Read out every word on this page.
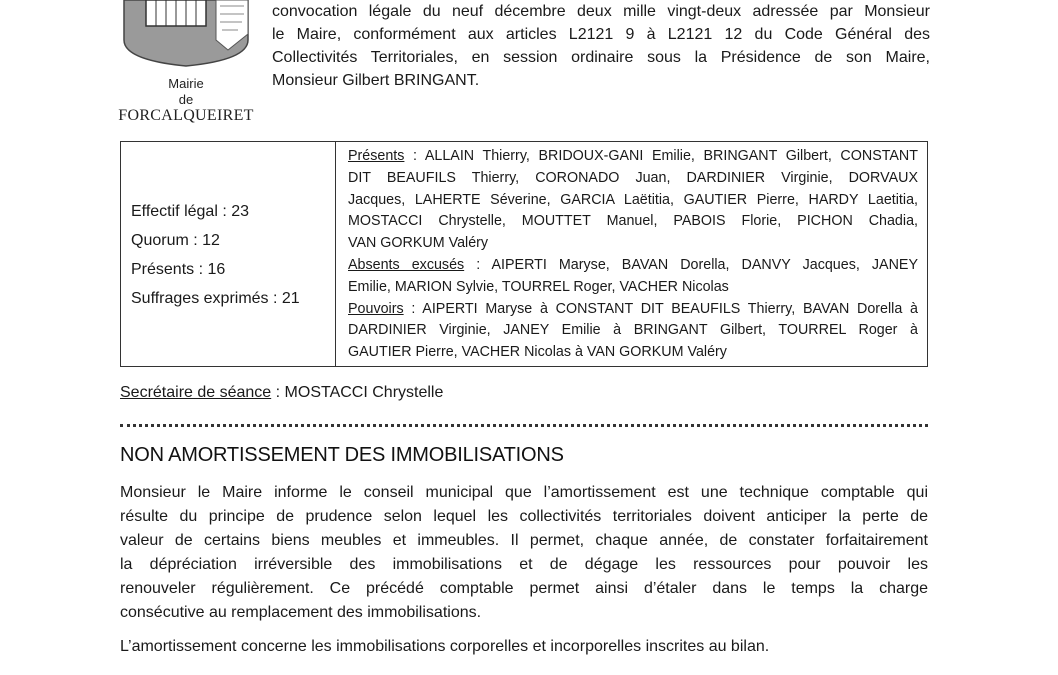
Mairie
de
FORCALQUEIRET

convocation légale du neuf décembre deux mille vingt-deux adressée par Monsieur
le Maire, conformément aux articles L2121 9 à L2121 12 du Code Général des
Collectivités Territoriales, en session ordinaire sous la Présidence de son Maire,
Monsieur Gilbert BRINGANT.

Effectif légal : 23
Quorum : 12
Présents : 16
Suffrages exprimés : 21
Présents : ALLAIN Thierry, BRIDOUX-GANI Emilie, BRINGANT Gilbert, CONSTANT
DIT BEAUFILS Thierry, CORONADO Juan, DARDINIER Virginie, DORVAUX
Jacques, LAHERTE Séverine, GARCIA Laëtitia, GAUTIER Pierre, HARDY Laetitia,
MOSTACCI Chrystelle, MOUTTET Manuel, PABOIS Florie, PICHON Chadia,
VAN GORKUM Valéry
Absents excusés : AIPERTI Maryse, BAVAN Dorella, DANVY Jacques, JANEY
Emilie, MARION Sylvie, TOURREL Roger, VACHER Nicolas
Pouvoirs : AIPERTI Maryse à CONSTANT DIT BEAUFILS Thierry, BAVAN Dorella à
DARDINIER Virginie, JANEY Emilie à BRINGANT Gilbert, TOURREL Roger à
GAUTIER Pierre, VACHER Nicolas à VAN GORKUM Valéry
Secrétaire de séance : MOSTACCI Chrystelle
NON AMORTISSEMENT DES IMMOBILISATIONS
Monsieur le Maire informe le conseil municipal que l’amortissement est une technique comptable qui
résulte du principe de prudence selon lequel les collectivités territoriales doivent anticiper la perte de
valeur de certains biens meubles et immeubles. Il permet, chaque année, de constater forfaitairement
la dépréciation irréversible des immobilisations et de dégage les ressources pour pouvoir les
renouveler régulièrement. Ce précédé comptable permet ainsi d’étaler dans le temps la charge
consécutive au remplacement des immobilisations.
L’amortissement concerne les immobilisations corporelles et incorporelles inscrites au bilan.
